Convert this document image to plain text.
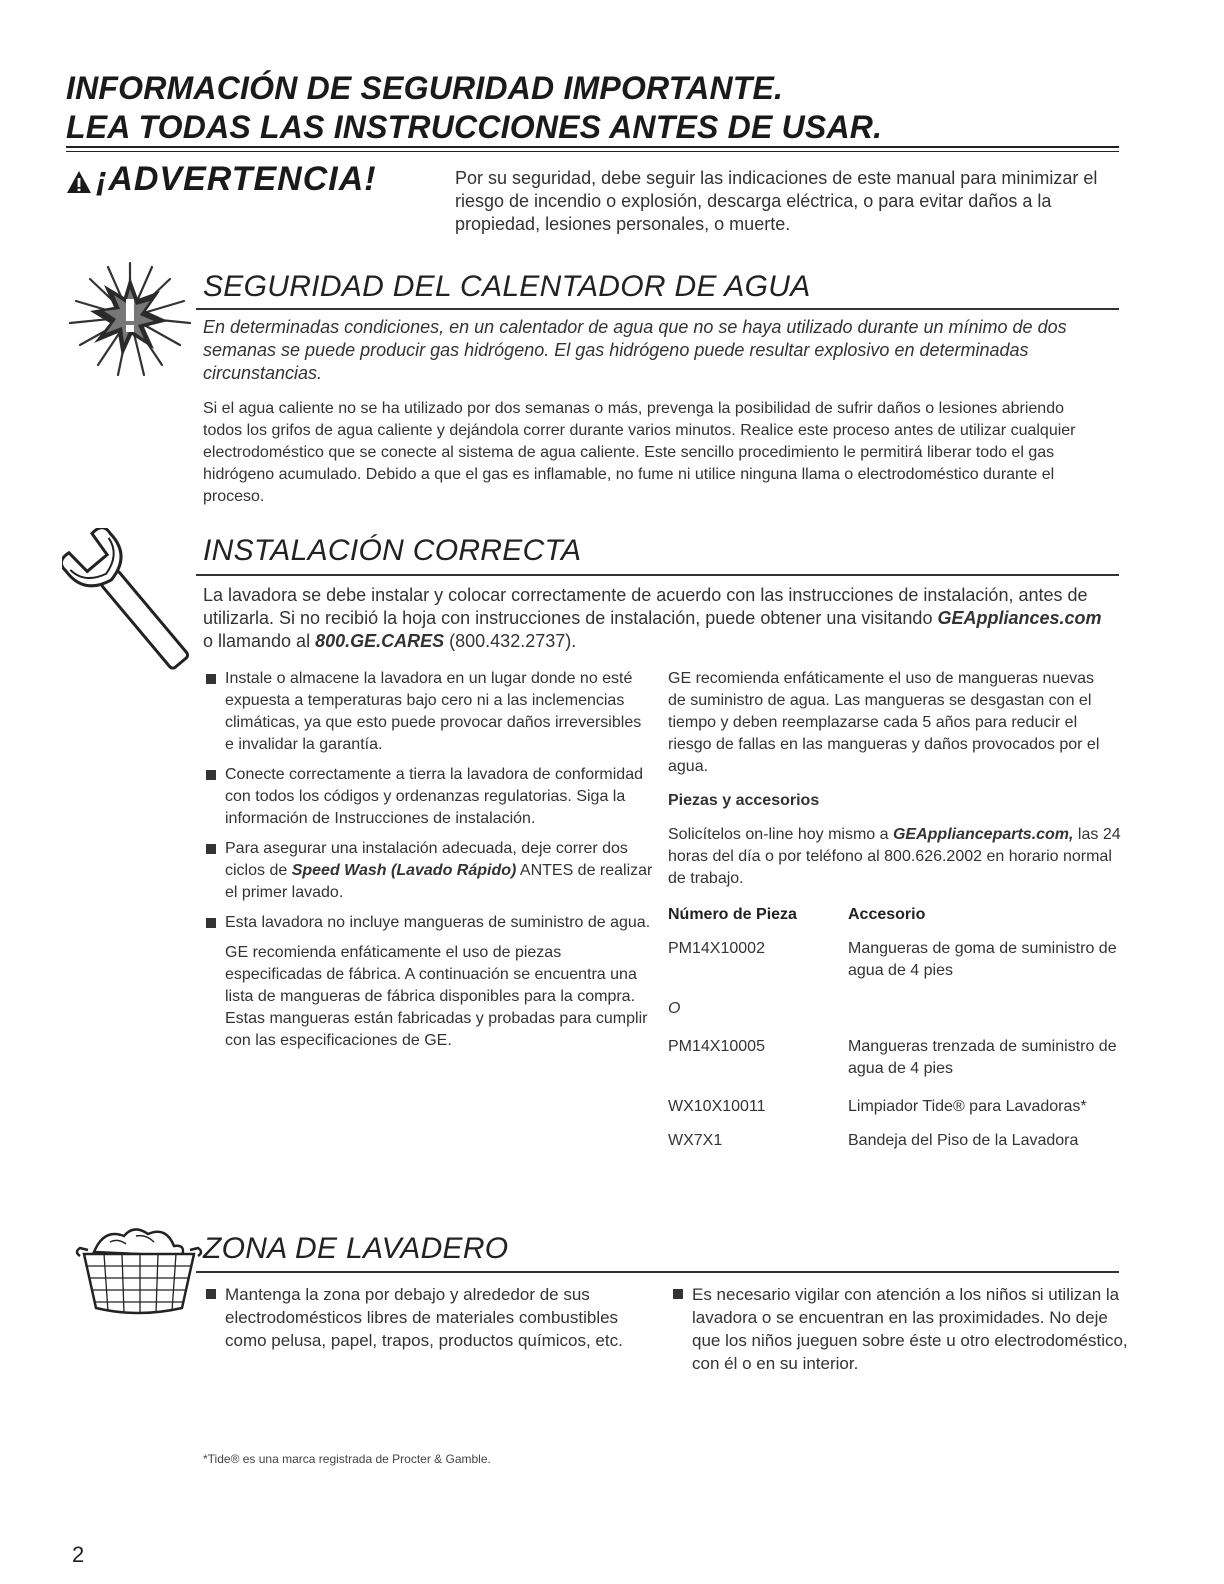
INFORMACIÓN DE SEGURIDAD IMPORTANTE.
LEA TODAS LAS INSTRUCCIONES ANTES DE USAR.
¡ADVERTENCIA!	Por su seguridad, debe seguir las indicaciones de este manual para minimizar el riesgo de incendio o explosión, descarga eléctrica, o para evitar daños a la propiedad, lesiones personales, o muerte.
SEGURIDAD DEL CALENTADOR DE AGUA
En determinadas condiciones, en un calentador de agua que no se haya utilizado durante un mínimo de dos semanas se puede producir gas hidrógeno. El gas hidrógeno puede resultar explosivo en determinadas circunstancias.
Si el agua caliente no se ha utilizado por dos semanas o más, prevenga la posibilidad de sufrir daños o lesiones abriendo todos los grifos de agua caliente y dejándola correr durante varios minutos. Realice este proceso antes de utilizar cualquier electrodoméstico que se conecte al sistema de agua caliente. Este sencillo procedimiento le permitirá liberar todo el gas hidrógeno acumulado. Debido a que el gas es inflamable, no fume ni utilice ninguna llama o electrodoméstico durante el proceso.
INSTALACIÓN CORRECTA
La lavadora se debe instalar y colocar correctamente de acuerdo con las instrucciones de instalación, antes de utilizarla. Si no recibió la hoja con instrucciones de instalación, puede obtener una visitando GEAppliances.com o llamando al 800.GE.CARES (800.432.2737).
Instale o almacene la lavadora en un lugar donde no esté expuesta a temperaturas bajo cero ni a las inclemencias climáticas, ya que esto puede provocar daños irreversibles e invalidar la garantía.
Conecte correctamente a tierra la lavadora de conformidad con todos los códigos y ordenanzas regulatorias. Siga la información de Instrucciones de instalación.
Para asegurar una instalación adecuada, deje correr dos ciclos de Speed Wash (Lavado Rápido) ANTES de realizar el primer lavado.
Esta lavadora no incluye mangueras de suministro de agua.
GE recomienda enfáticamente el uso de piezas especificadas de fábrica. A continuación se encuentra una lista de mangueras de fábrica disponibles para la compra. Estas mangueras están fabricadas y probadas para cumplir con las especificaciones de GE.
GE recomienda enfáticamente el uso de mangueras nuevas de suministro de agua. Las mangueras se desgastan con el tiempo y deben reemplazarse cada 5 años para reducir el riesgo de fallas en las mangueras y daños provocados por el agua.
Piezas y accesorios
Solicítelos on-line hoy mismo a GEApplianceparts.com, las 24 horas del día o por teléfono al 800.626.2002 en horario normal de trabajo.
Número de Pieza	Accesorio
PM14X10002	Mangueras de goma de suministro de agua de 4 pies
O	
PM14X10005	Mangueras trenzada de suministro de agua de 4 pies
WX10X10011	Limpiador Tide® para Lavadoras*
WX7X1	Bandeja del Piso de la Lavadora
ZONA DE LAVADERO
Mantenga la zona por debajo y alrededor de sus electrodomésticos libres de materiales combustibles como pelusa, papel, trapos, productos químicos, etc.
Es necesario vigilar con atención a los niños si utilizan la lavadora o se encuentran en las proximidades. No deje que los niños jueguen sobre éste u otro electrodoméstico, con él o en su interior.
*Tide® es una marca registrada de Procter & Gamble.
2
